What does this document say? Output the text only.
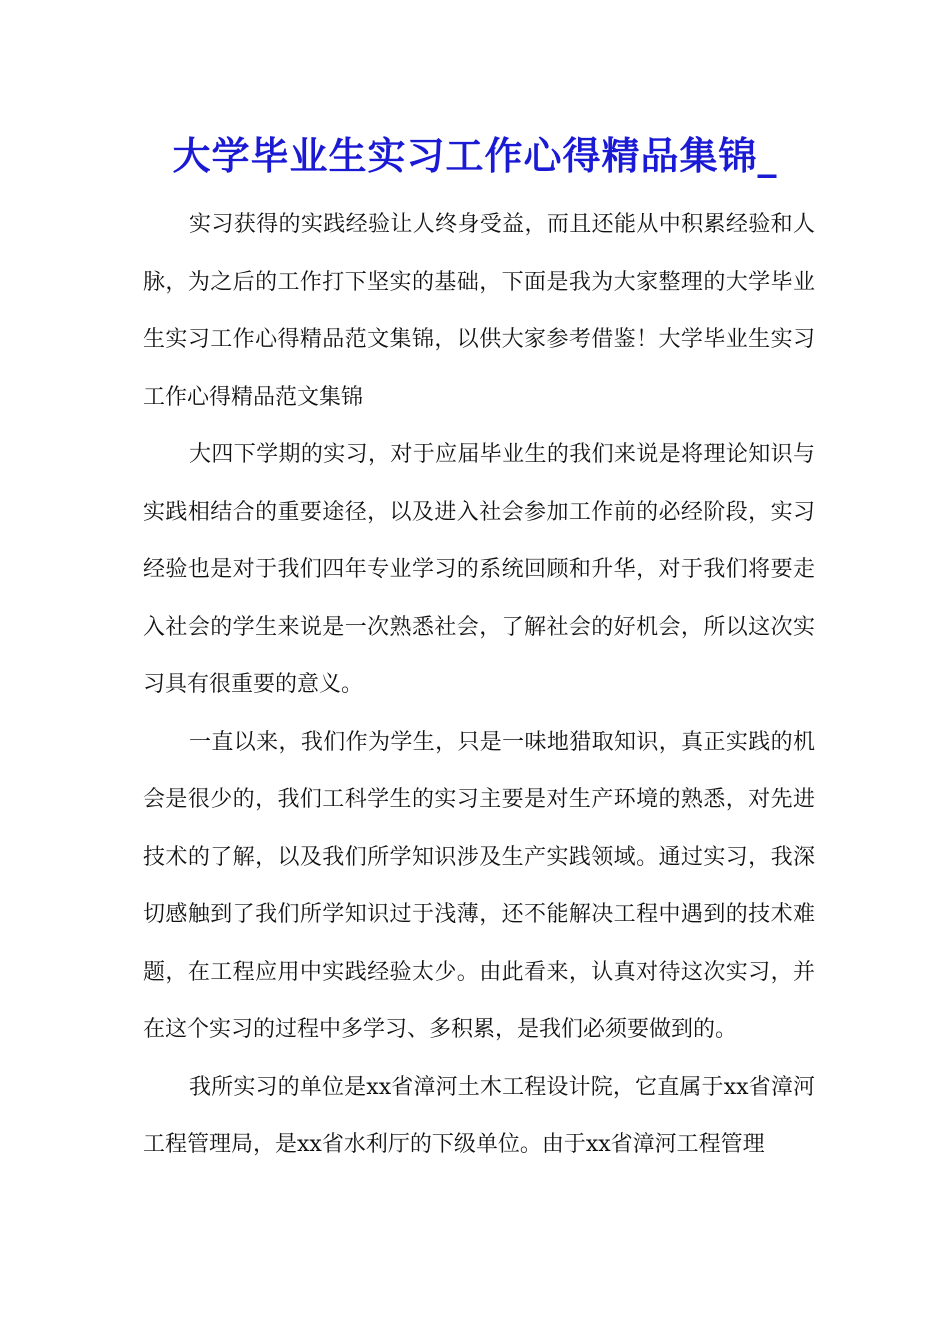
大学毕业生实习工作心得精品集锦_

实习获得的实践经验让人终身受益，而且还能从中积累经验和人脉，为之后的工作打下坚实的基础，下面是我为大家整理的大学毕业生实习工作心得精品范文集锦，以供大家参考借鉴！大学毕业生实习工作心得精品范文集锦

大四下学期的实习，对于应届毕业生的我们来说是将理论知识与实践相结合的重要途径，以及进入社会参加工作前的必经阶段，实习经验也是对于我们四年专业学习的系统回顾和升华，对于我们将要走入社会的学生来说是一次熟悉社会，了解社会的好机会，所以这次实习具有很重要的意义。

一直以来，我们作为学生，只是一味地猎取知识，真正实践的机会是很少的，我们工科学生的实习主要是对生产环境的熟悉，对先进技术的了解，以及我们所学知识涉及生产实践领域。通过实习，我深切感触到了我们所学知识过于浅薄，还不能解决工程中遇到的技术难题，在工程应用中实践经验太少。由此看来，认真对待这次实习，并在这个实习的过程中多学习、多积累，是我们必须要做到的。

我所实习的单位是xx省漳河土木工程设计院，它直属于xx省漳河工程管理局，是xx省水利厅的下级单位。由于xx省漳河工程管理
